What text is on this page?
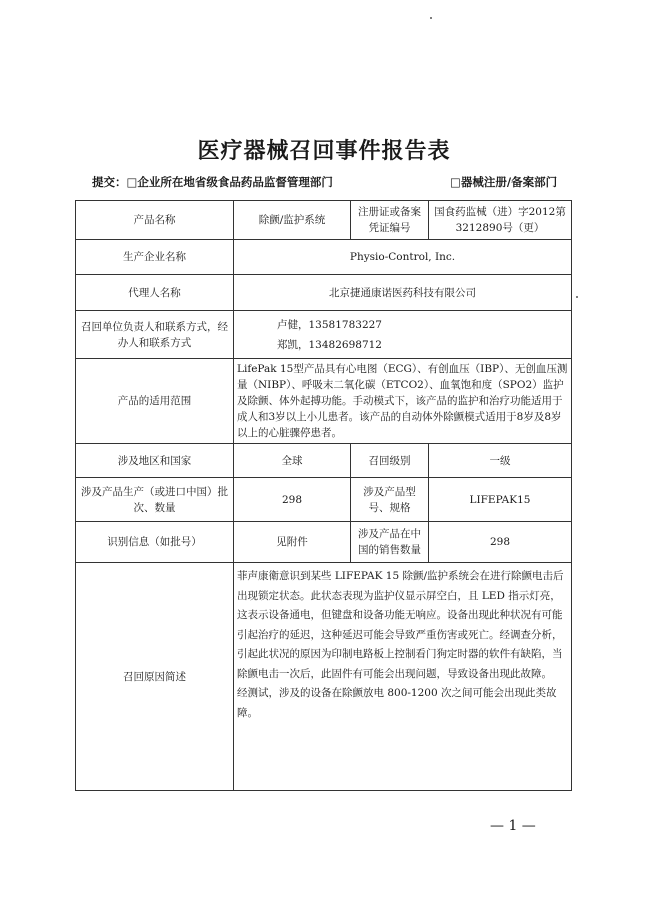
医疗器械召回事件报告表
提交：□企业所在地省级食品药品监督管理部门	□器械注册/备案部门
产品名称	除颤/监护系统	注册证或备案凭证编号	国食药监械（进）字2012第3212890号（更）
生产企业名称	Physio-Control, Inc.		
代理人名称	北京捷通康诺医药科技有限公司		
召回单位负责人和联系方式，经办人和联系方式	卢健，13581783227
郑凯，13482698712		

产品的适用范围	LifePak 15型产品具有心电图（ECG）、有创血压（IBP）、无创血压测量（NIBP）、呼吸末二氧化碳（ETCO2）、血氧饱和度（SPO2）监护及除颤、体外起搏功能。手动模式下，该产品的监护和治疗功能适用于成人和3岁以上小儿患者。该产品的自动体外除颤模式适用于8岁及8岁以上的心脏骤停患者。		

涉及地区和国家	全球	召回级别	一级
涉及产品生产（或进口中国）批次、数量	298	涉及产品型号、规格	LIFEPAK15
识别信息（如批号）	见附件	涉及产品在中国的销售数量	298
召回原因简述	菲声康衛意识到某些 LIFEPAK 15 除颤/监护系统会在进行除颤电击后出现锁定状态。此状态表现为监护仪显示屏空白，且 LED 指示灯亮，这表示设备通电，但键盘和设备功能无响应。设备出现此种状况有可能引起治疗的延迟，这种延迟可能会导致严重伤害或死亡。经调查分析，引起此状况的原因为印制电路板上控制看门狗定时器的软件有缺陷，当除颤电击一次后，此固件有可能会出现问题，导致设备出现此故障。

经测试，涉及的设备在除颤放电 800-1200 次之间可能会出现此类故障。		

— 1 —
